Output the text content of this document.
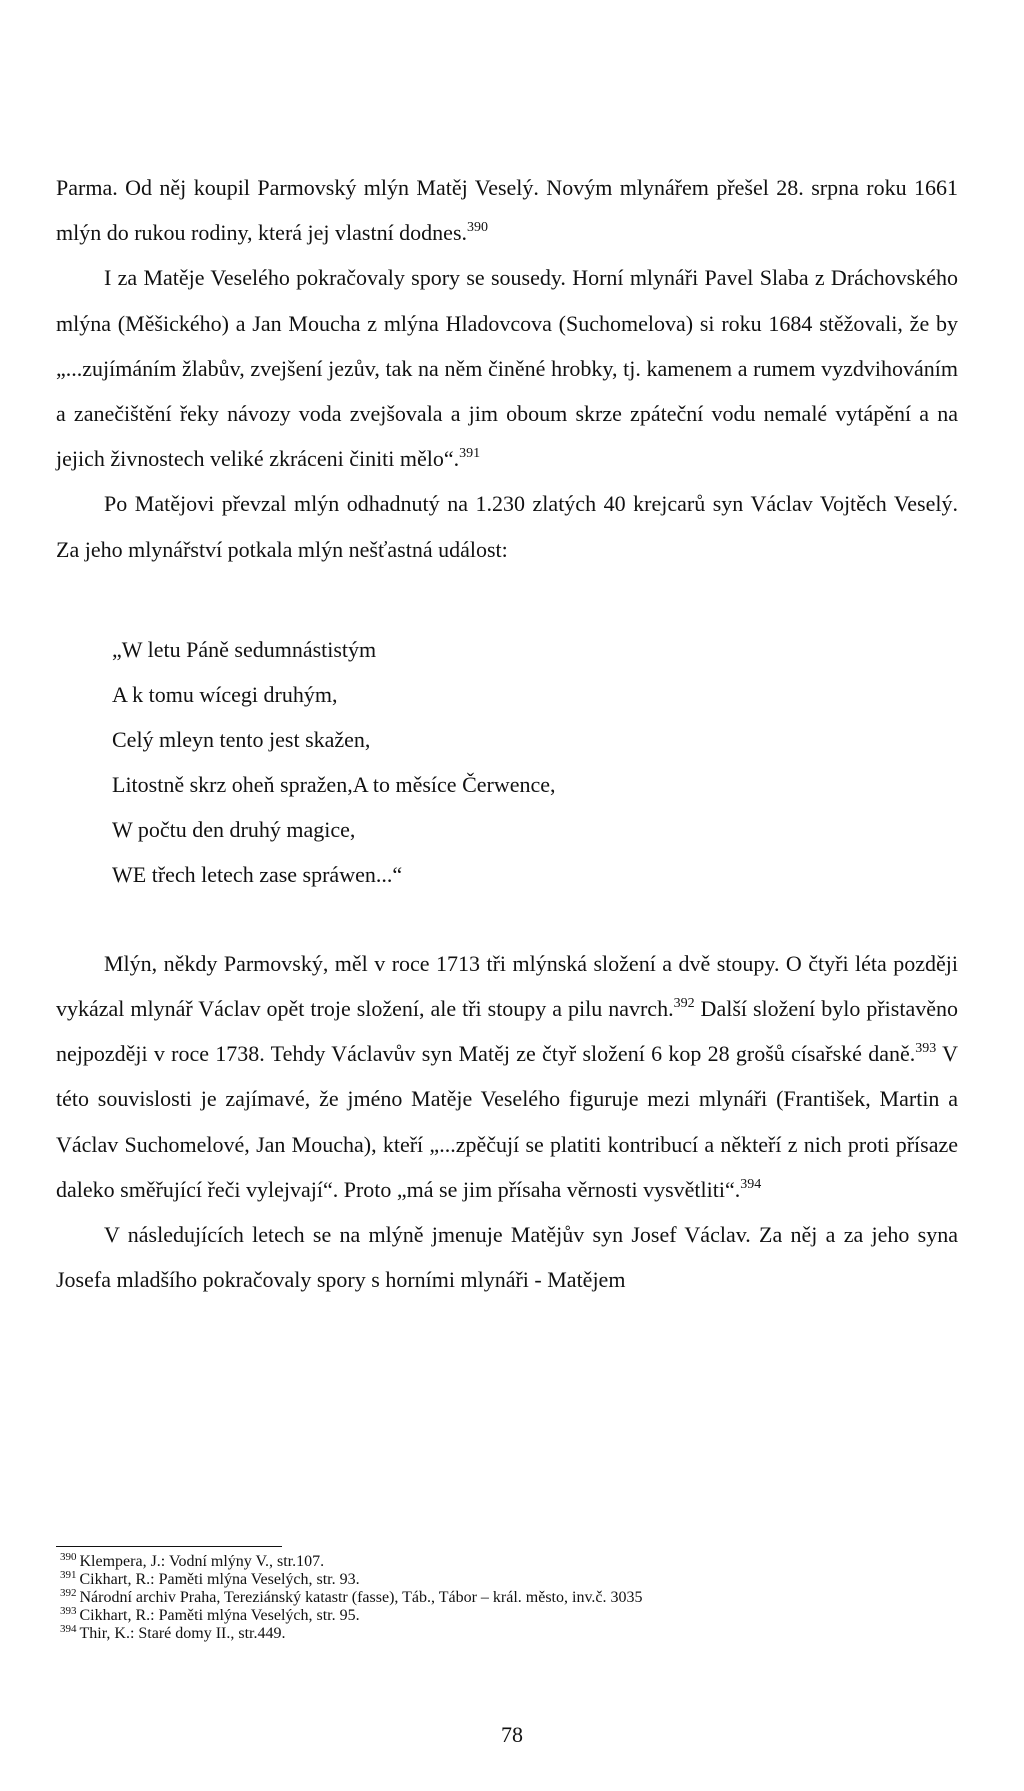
Parma. Od něj koupil Parmovský mlýn Matěj Veselý. Novým mlynářem přešel 28. srpna roku 1661 mlýn do rukou rodiny, která jej vlastní dodnes.$^{390}$

I za Matěje Veselého pokračovaly spory se sousedy. Horní mlynáři Pavel Slaba z Dráchovského mlýna (Měšického) a Jan Moucha z mlýna Hladovcova (Suchomelova) si roku 1684 stěžovali, že by „...zujímáním žlabův, zvejšení jezův, tak na něm činěné hrobky, tj. kamenem a rumem vyzdvihováním a zanečištění řeky návozy voda zvejšovala a jim oboum skrze zpáteční vodu nemalé vytápění a na jejich živnostech veliké zkráceni činiti mělo“.$^{391}$

Po Matějovi převzal mlýn odhadnutý na 1.230 zlatých 40 krejcarů syn Václav Vojtěch Veselý. Za jeho mlynářství potkala mlýn nešťastná událost:

„W letu Páně sedumnástistým
A k tomu wícegi druhým,
Celý mleyn tento jest skažen,
Litostně skrz oheň spražen,A to měsíce Čerwence,
W počtu den druhý magice,
WE třech letech zase spráwen...“

Mlýn, někdy Parmovský, měl v roce 1713 tři mlýnská složení a dvě stoupy. O čtyři léta později vykázal mlynář Václav opět troje složení, ale tři stoupy a pilu navrch.$^{392}$ Další složení bylo přistavěno nejpozději v roce 1738. Tehdy Václavův syn Matěj ze čtyř složení 6 kop 28 grošů císařské daně.$^{393}$ V této souvislosti je zajímavé, že jméno Matěje Veselého figuruje mezi mlynáři (František, Martin a Václav Suchomelové, Jan Moucha), kteří „...zpěčují se platiti kontribucí a někteří z nich proti přísaze daleko směřující řeči vylejvají“. Proto „má se jim přísaha věrnosti vysvětliti“.$^{394}$

V následujících letech se na mlýně jmenuje Matějův syn Josef Václav. Za něj a za jeho syna Josefa mladšího pokračovaly spory s horními mlynáři - Matějem

$^{390}$ Klempera, J.: Vodní mlýny V., str.107.
$^{391}$ Cikhart, R.: Paměti mlýna Veselých, str. 93.
$^{392}$ Národní archiv Praha, Tereziánský katastr (fasse), Táb., Tábor – král. město, inv.č. 3035
$^{393}$ Cikhart, R.: Paměti mlýna Veselých, str. 95.
$^{394}$ Thir, K.: Staré domy II., str.449.
78
